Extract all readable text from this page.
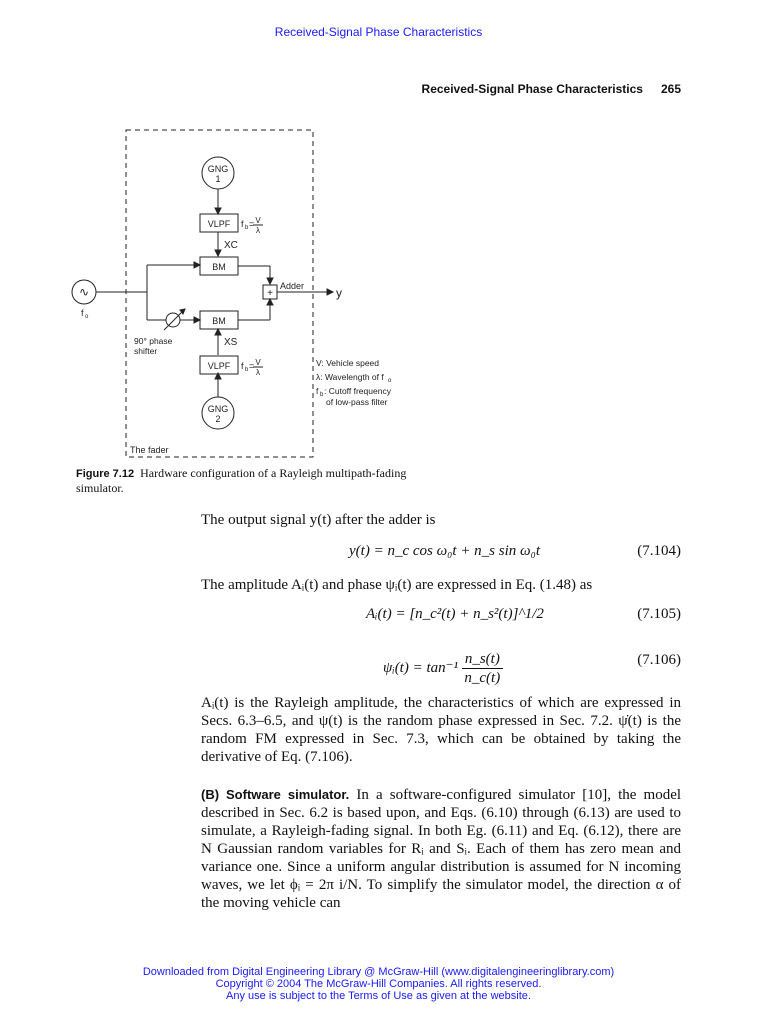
Received-Signal Phase Characteristics
Received-Signal Phase Characteristics 265
GNG
1
VLPF f b = V
λ
XC
BM
Adder
+	y
∿
f o	BM
90° phase
shifter
XS
VLPF f b = V
λ
GNG
2
The fader
V: Vehicle speed
λ: Wavelength of f o
f b : Cutoff frequency
of low-pass filter
Figure 7.12 Hardware configuration of a Rayleigh multipath-fading simulator.
The output signal y(t) after the adder is
y(t) = n_c cos ω₀t + n_s sin ω₀t	(7.104)
The amplitude Aᵢ(t) and phase ψᵢ(t) are expressed in Eq. (1.48) as
Aᵢ(t) = [n_c²(t) + n_s²(t)]^1/2	(7.105)
ψᵢ(t) = $\tan^{-1} \frac{n\_s(t)}{n\_c(t)}$	(7.106)
Aᵢ(t) is the Rayleigh amplitude, the characteristics of which are expressed in Secs. 6.3–6.5, and ψ(t) is the random phase expressed in Sec. 7.2. ψ̇(t) is the random FM expressed in Sec. 7.3, which can be obtained by taking the derivative of Eq. (7.106).
(B) Software simulator. In a software-configured simulator [10], the model described in Sec. 6.2 is based upon, and Eqs. (6.10) through (6.13) are used to simulate, a Rayleigh-fading signal. In both Eg. (6.11) and Eq. (6.12), there are N Gaussian random variables for Rᵢ and Sᵢ. Each of them has zero mean and variance one. Since a uniform angular distribution is assumed for N incoming waves, we let ϕᵢ = 2π i/N. To simplify the simulator model, the direction α of the moving vehicle can
Downloaded from Digital Engineering Library @ McGraw-Hill (www.digitalengineeringlibrary.com)
Copyright © 2004 The McGraw-Hill Companies. All rights reserved.
Any use is subject to the Terms of Use as given at the website.
